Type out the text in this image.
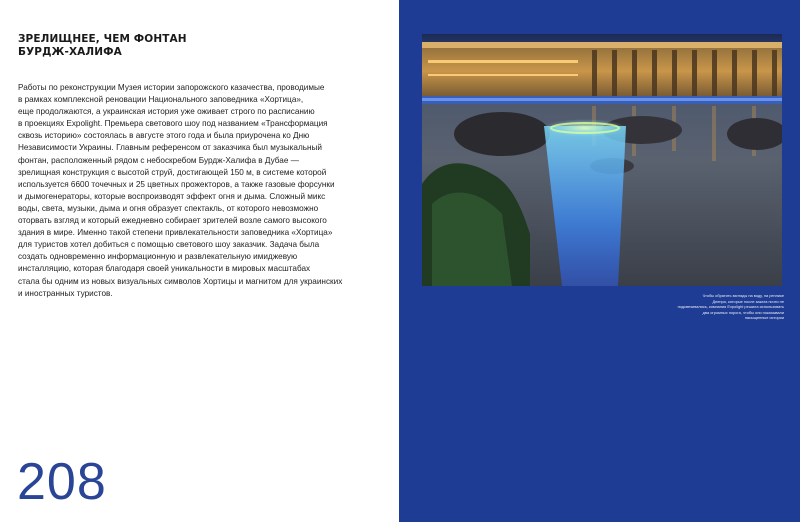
ЗРЕЛИЩНЕЕ, ЧЕМ ФОНТАН
БУРДЖ-ХАЛИФА

Работы по реконструкции Музея истории запорожского казачества, проводимые
в рамках комплексной реновации Национального заповедника «Хортица»,
еще продолжаются, а украинская история уже оживает строго по расписанию
в проекциях Expolight. Премьера светового шоу под названием «Трансформация
сквозь историю» состоялась в августе этого года и была приурочена ко Дню
Независимости Украины. Главным референсом от заказчика был музыкальный
фонтан, расположенный рядом с небоскребом Бурдж-Халифа в Дубае —
зрелищная конструкция с высотой струй, достигающей 150 м, в системе которой
используется 6600 точечных и 25 цветных прожекторов, а также газовые форсунки
и дымогенераторы, которые воспроизводят эффект огня и дыма. Сложный микс
воды, света, музыки, дыма и огня образует спектакль, от которого невозможно
оторвать взгляд и который ежедневно собирает зрителей возле самого высокого
здания в мире. Именно такой степени привлекательности заповедника «Хортица»
для туристов хотел добиться с помощью светового шоу заказчик. Задача была
создать одновременно информационную и развлекательную имиджевую
инсталляцию, которая благодаря своей уникальности в мировых масштабах
стала бы одним из новых визуальных символов Хортицы и магнитом для украинских
и иностранных туристов.

208
Чтобы обратить взгляды на воду, на реплике
Днепра, которые после заката почти не
подсвечивались, компания Expolight решила использовать
два огромных порога, чтобы они показывали
насыщенные истории
